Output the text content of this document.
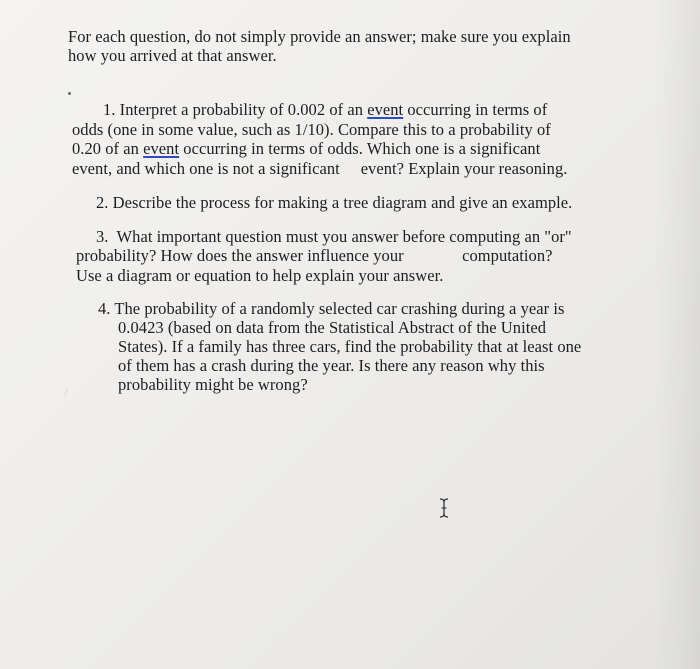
For each question, do not simply provide an answer; make sure you explain
how you arrived at that answer.
1. Interpret a probability of 0.002 of an event occurring in terms of
odds (one in some value, such as 1/10). Compare this to a probability of
0.20 of an event occurring in terms of odds. Which one is a significant
event, and which one is not a significant     event? Explain your reasoning.
2. Describe the process for making a tree diagram and give an example.
3.  What important question must you answer before computing an "or"
probability? How does the answer influence your              computation?
Use a diagram or equation to help explain your answer.
4. The probability of a randomly selected car crashing during a year is
0.0423 (based on data from the Statistical Abstract of the United
States). If a family has three cars, find the probability that at least one
of them has a crash during the year. Is there any reason why this
probability might be wrong?
⁄
